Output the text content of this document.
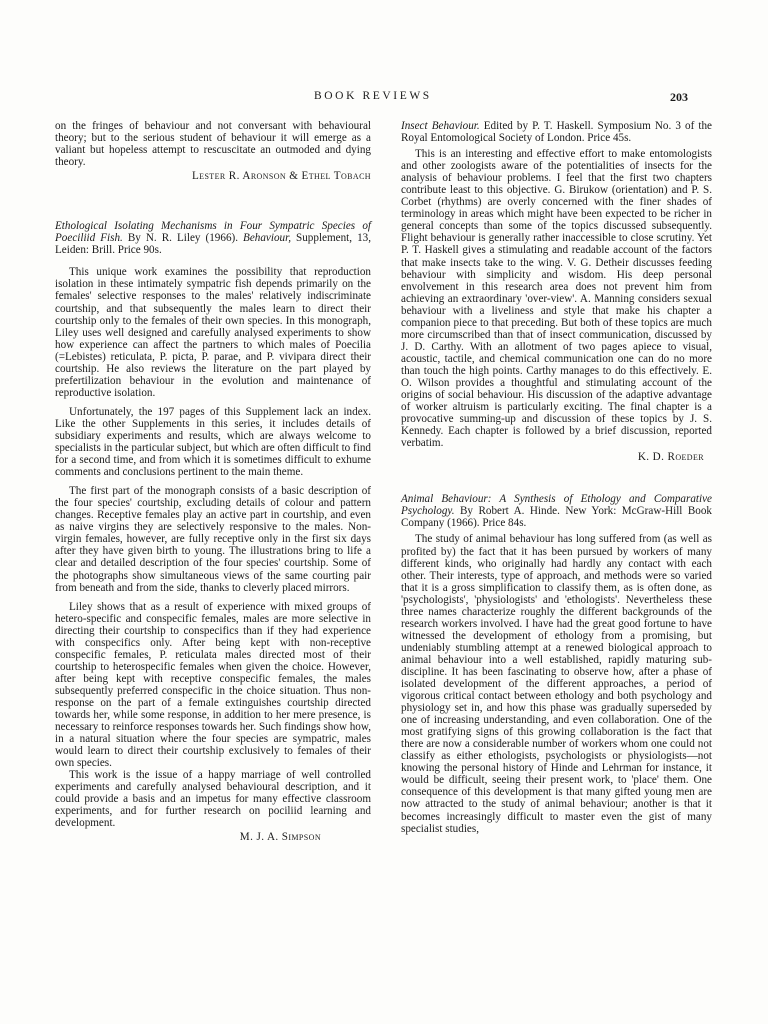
BOOK REVIEWS	203

on the fringes of behaviour and not conversant with behavioural theory; but to the serious student of behaviour it will emerge as a valiant but hopeless attempt to rescuscitate an outmoded and dying theory.

Lester R. Aronson & Ethel Tobach

Ethological Isolating Mechanisms in Four Sympatric Species of Poeciliid Fish. By N. R. Liley (1966). Behaviour, Supplement, 13, Leiden: Brill. Price 90s.

This unique work examines the possibility that reproduction isolation in these intimately sympatric fish depends primarily on the females' selective responses to the males' relatively indiscriminate courtship, and that subsequently the males learn to direct their courtship only to the females of their own species. In this monograph, Liley uses well designed and carefully analysed experiments to show how experience can affect the partners to which males of Poecilia (=Lebistes) reticulata, P. picta, P. parae, and P. vivipara direct their courtship. He also reviews the literature on the part played by prefertilization behaviour in the evolution and maintenance of reproductive isolation.

Unfortunately, the 197 pages of this Supplement lack an index. Like the other Supplements in this series, it includes details of subsidiary experiments and results, which are always welcome to specialists in the particular subject, but which are often difficult to find for a second time, and from which it is sometimes difficult to exhume comments and conclusions pertinent to the main theme.

The first part of the monograph consists of a basic description of the four species' courtship, excluding details of colour and pattern changes. Receptive females play an active part in courtship, and even as naive virgins they are selectively responsive to the males. Non-virgin females, however, are fully receptive only in the first six days after they have given birth to young. The illustrations bring to life a clear and detailed description of the four species' courtship. Some of the photographs show simultaneous views of the same courting pair from beneath and from the side, thanks to cleverly placed mirrors.

Liley shows that as a result of experience with mixed groups of hetero-specific and conspecific females, males are more selective in directing their courtship to conspecifics than if they had experience with conspecifics only. After being kept with non-receptive conspecific females, P. reticulata males directed most of their courtship to heterospecific females when given the choice. However, after being kept with receptive conspecific females, the males subsequently preferred conspecific in the choice situation. Thus non-response on the part of a female extinguishes courtship directed towards her, while some response, in addition to her mere presence, is necessary to reinforce responses towards her. Such findings show how, in a natural situation where the four species are sympatric, males would learn to direct their courtship exclusively to females of their own species.

This work is the issue of a happy marriage of well controlled experiments and carefully analysed behavioural description, and it could provide a basis and an impetus for many effective classroom experiments, and for further research on pociliid learning and development.

M. J. A. Simpson

Insect Behaviour. Edited by P. T. Haskell. Symposium No. 3 of the Royal Entomological Society of London. Price 45s.

This is an interesting and effective effort to make entomologists and other zoologists aware of the potentialities of insects for the analysis of behaviour problems. I feel that the first two chapters contribute least to this objective. G. Birukow (orientation) and P. S. Corbet (rhythms) are overly concerned with the finer shades of terminology in areas which might have been expected to be richer in general concepts than some of the topics discussed subsequently. Flight behaviour is generally rather inaccessible to close scrutiny. Yet P. T. Haskell gives a stimulating and readable account of the factors that make insects take to the wing. V. G. Detheir discusses feeding behaviour with simplicity and wisdom. His deep personal envolvement in this research area does not prevent him from achieving an extraordinary 'over-view'. A. Manning considers sexual behaviour with a liveliness and style that make his chapter a companion piece to that preceding. But both of these topics are much more circumscribed than that of insect communication, discussed by J. D. Carthy. With an allotment of two pages apiece to visual, acoustic, tactile, and chemical communication one can do no more than touch the high points. Carthy manages to do this effectively. E. O. Wilson provides a thoughtful and stimulating account of the origins of social behaviour. His discussion of the adaptive advantage of worker altruism is particularly exciting. The final chapter is a provocative summing-up and discussion of these topics by J. S. Kennedy. Each chapter is followed by a brief discussion, reported verbatim.

K. D. Roeder

Animal Behaviour: A Synthesis of Ethology and Comparative Psychology. By Robert A. Hinde. New York: McGraw-Hill Book Company (1966). Price 84s.

The study of animal behaviour has long suffered from (as well as profited by) the fact that it has been pursued by workers of many different kinds, who originally had hardly any contact with each other. Their interests, type of approach, and methods were so varied that it is a gross simplification to classify them, as is often done, as 'psychologists', 'physiologists' and 'ethologists'. Nevertheless these three names characterize roughly the different backgrounds of the research workers involved. I have had the great good fortune to have witnessed the development of ethology from a promising, but undeniably stumbling attempt at a renewed biological approach to animal behaviour into a well established, rapidly maturing sub-discipline. It has been fascinating to observe how, after a phase of isolated development of the different approaches, a period of vigorous critical contact between ethology and both psychology and physiology set in, and how this phase was gradually superseded by one of increasing understanding, and even collaboration. One of the most gratifying signs of this growing collaboration is the fact that there are now a considerable number of workers whom one could not classify as either ethologists, psychologists or physiologists—not knowing the personal history of Hinde and Lehrman for instance, it would be difficult, seeing their present work, to 'place' them. One consequence of this development is that many gifted young men are now attracted to the study of animal behaviour; another is that it becomes increasingly difficult to master even the gist of many specialist studies,
